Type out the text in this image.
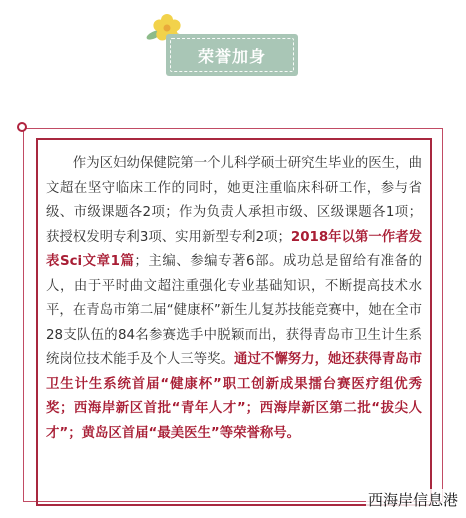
荣誉加身

作为区妇幼保健院第一个儿科学硕士研究生毕业的医生，曲文超在坚守临床工作的同时，她更注重临床科研工作，参与省级、市级课题各2项；作为负责人承担市级、区级课题各1项；获授权发明专利3项、实用新型专利2项；2018年以第一作者发表Sci文章1篇；主编、参编专著6部。成功总是留给有准备的人，由于平时曲文超注重强化专业基础知识，不断提高技术水平，在青岛市第二届“健康杯”新生儿复苏技能竞赛中，她在全市28支队伍的84名参赛选手中脱颖而出，获得青岛市卫生计生系统岗位技术能手及个人三等奖。通过不懈努力，她还获得青岛市卫生计生系统首届“健康杯”职工创新成果擂台赛医疗组优秀奖；西海岸新区首批“青年人才”；西海岸新区第二批“拔尖人才”；黄岛区首届“最美医生”等荣誉称号。

西海岸信息港
